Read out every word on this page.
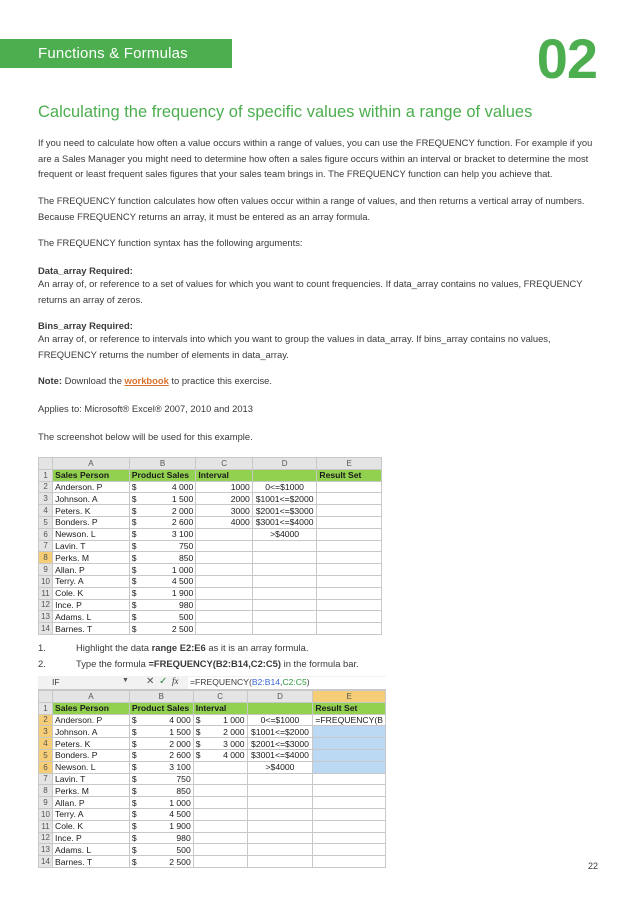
Functions & Formulas	02
Calculating the frequency of specific values within a range of values
If you need to calculate how often a value occurs within a range of values, you can use the FREQUENCY function. For example if you are a Sales Manager you might need to determine how often a sales figure occurs within an interval or bracket to determine the most frequent or least frequent sales figures that your sales team brings in. The FREQUENCY function can help you achieve that.
The FREQUENCY function calculates how often values occur within a range of values, and then returns a vertical array of numbers. Because FREQUENCY returns an array, it must be entered as an array formula.
The FREQUENCY function syntax has the following arguments:
Data_array Required:
An array of, or reference to a set of values for which you want to count frequencies. If data_array contains no values, FREQUENCY returns an array of zeros.
Bins_array Required:
An array of, or reference to intervals into which you want to group the values in data_array. If bins_array contains no values, FREQUENCY returns the number of elements in data_array.
Note: Download the workbook to practice this exercise.
Applies to: Microsoft® Excel® 2007, 2010 and 2013
The screenshot below will be used for this example.
	A	B	C	D	E
1	Sales Person	Product Sales	Interval		Result Set
2	Anderson. P	$ 4 000	1000	0<=$1000	
3	Johnson. A	$ 1 500	2000	$1001<=$2000	
4	Peters. K	$ 2 000	3000	$2001<=$3000	
5	Bonders. P	$ 2 600	4000	$3001<=$4000	
6	Newson. L	$ 3 100		>$4000	
7	Lavin. T	$ 750			
8	Perks. M	$ 850			
9	Allan. P	$ 1 000			
10	Terry. A	$ 4 500			
11	Cole. K	$ 1 900			
12	Ince. P	$ 980			
13	Adams. L	$ 500			
14	Barnes. T	$ 2 500			
1.	Highlight the data range E2:E6 as it is an array formula.
2.	Type the formula =FREQUENCY(B2:B14,C2:C5) in the formula bar.
IF	▼ ✕ ✓ fx =FREQUENCY(B2:B14,C2:C5)
	A	B	C	D	E
1	Sales Person	Product Sales	Interval		Result Set
2	Anderson. P	$ 4 000	$ 1 000	0<=$1000	=FREQUENCY(B
3	Johnson. A	$ 1 500	$ 2 000	$1001<=$2000	
4	Peters. K	$ 2 000	$ 3 000	$2001<=$3000	
5	Bonders. P	$ 2 600	$ 4 000	$3001<=$4000	
6	Newson. L	$ 3 100		>$4000	
7	Lavin. T	$ 750			
8	Perks. M	$ 850			
9	Allan. P	$ 1 000			
10	Terry. A	$ 4 500			
11	Cole. K	$ 1 900			
12	Ince. P	$ 980			
13	Adams. L	$ 500			
14	Barnes. T	$ 2 500				22
